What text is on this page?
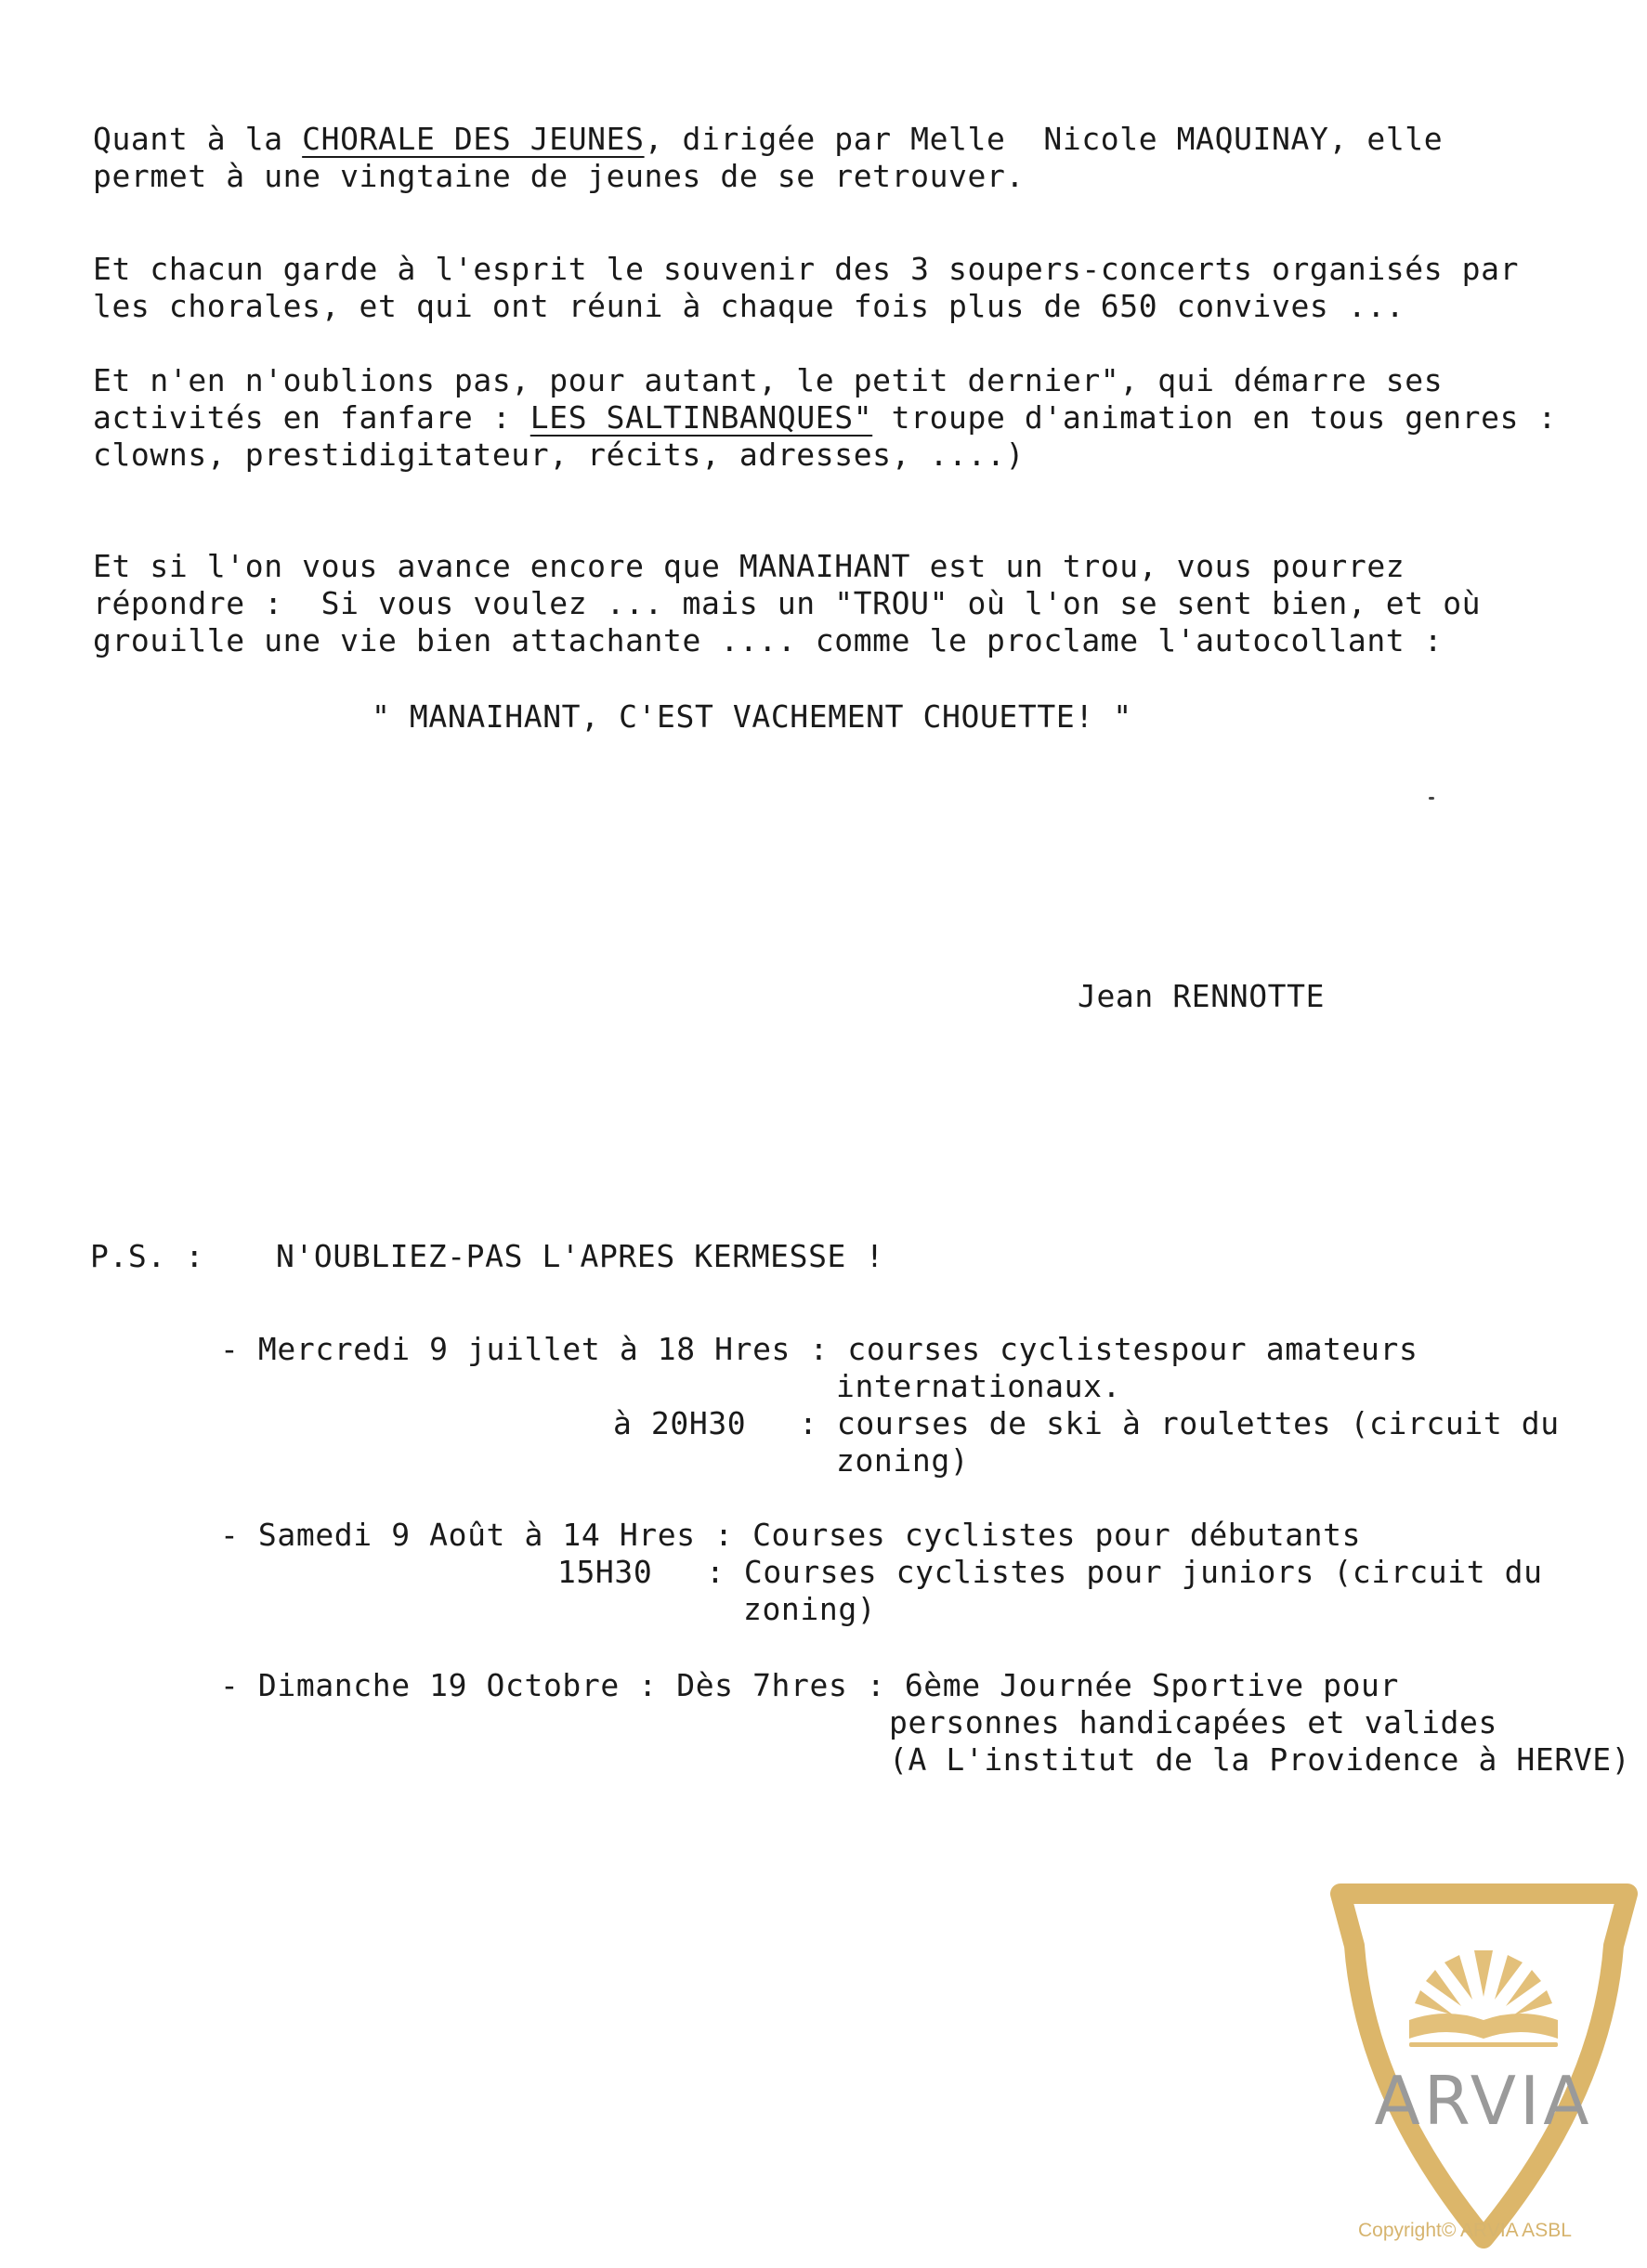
Quant à la CHORALE DES JEUNES, dirigée par Melle  Nicole MAQUINAY, elle
permet à une vingtaine de jeunes de se retrouver.
Et chacun garde à l'esprit le souvenir des 3 soupers-concerts organisés par
les chorales, et qui ont réuni à chaque fois plus de 650 convives ...
Et n'en n'oublions pas, pour autant, le petit dernier", qui démarre ses
activités en fanfare : LES SALTINBANQUES" troupe d'animation en tous genres :
clowns, prestidigitateur, récits, adresses, ....)
Et si l'on vous avance encore que MANAIHANT est un trou, vous pourrez
répondre :  Si vous voulez ... mais un "TROU" où l'on se sent bien, et où
grouille une vie bien attachante .... comme le proclame l'autocollant :
" MANAIHANT, C'EST VACHEMENT CHOUETTE! "
Jean RENNOTTE
P.S. : N'OUBLIEZ-PAS L'APRES KERMESSE !
- Mercredi 9 juillet à 18 Hres : courses cyclistespour amateurs
internationaux.
à 20H30 : courses de ski à roulettes (circuit du
zoning)
- Samedi 9 Août à 14 Hres : Courses cyclistes pour débutants
15H30 : Courses cyclistes pour juniors (circuit du
zoning)
- Dimanche 19 Octobre : Dès 7hres : 6ème Journée Sportive pour
personnes handicapées et valides
(A L'institut de la Providence à HERVE)
ARVIA
Copyright© ARVIA ASBL
